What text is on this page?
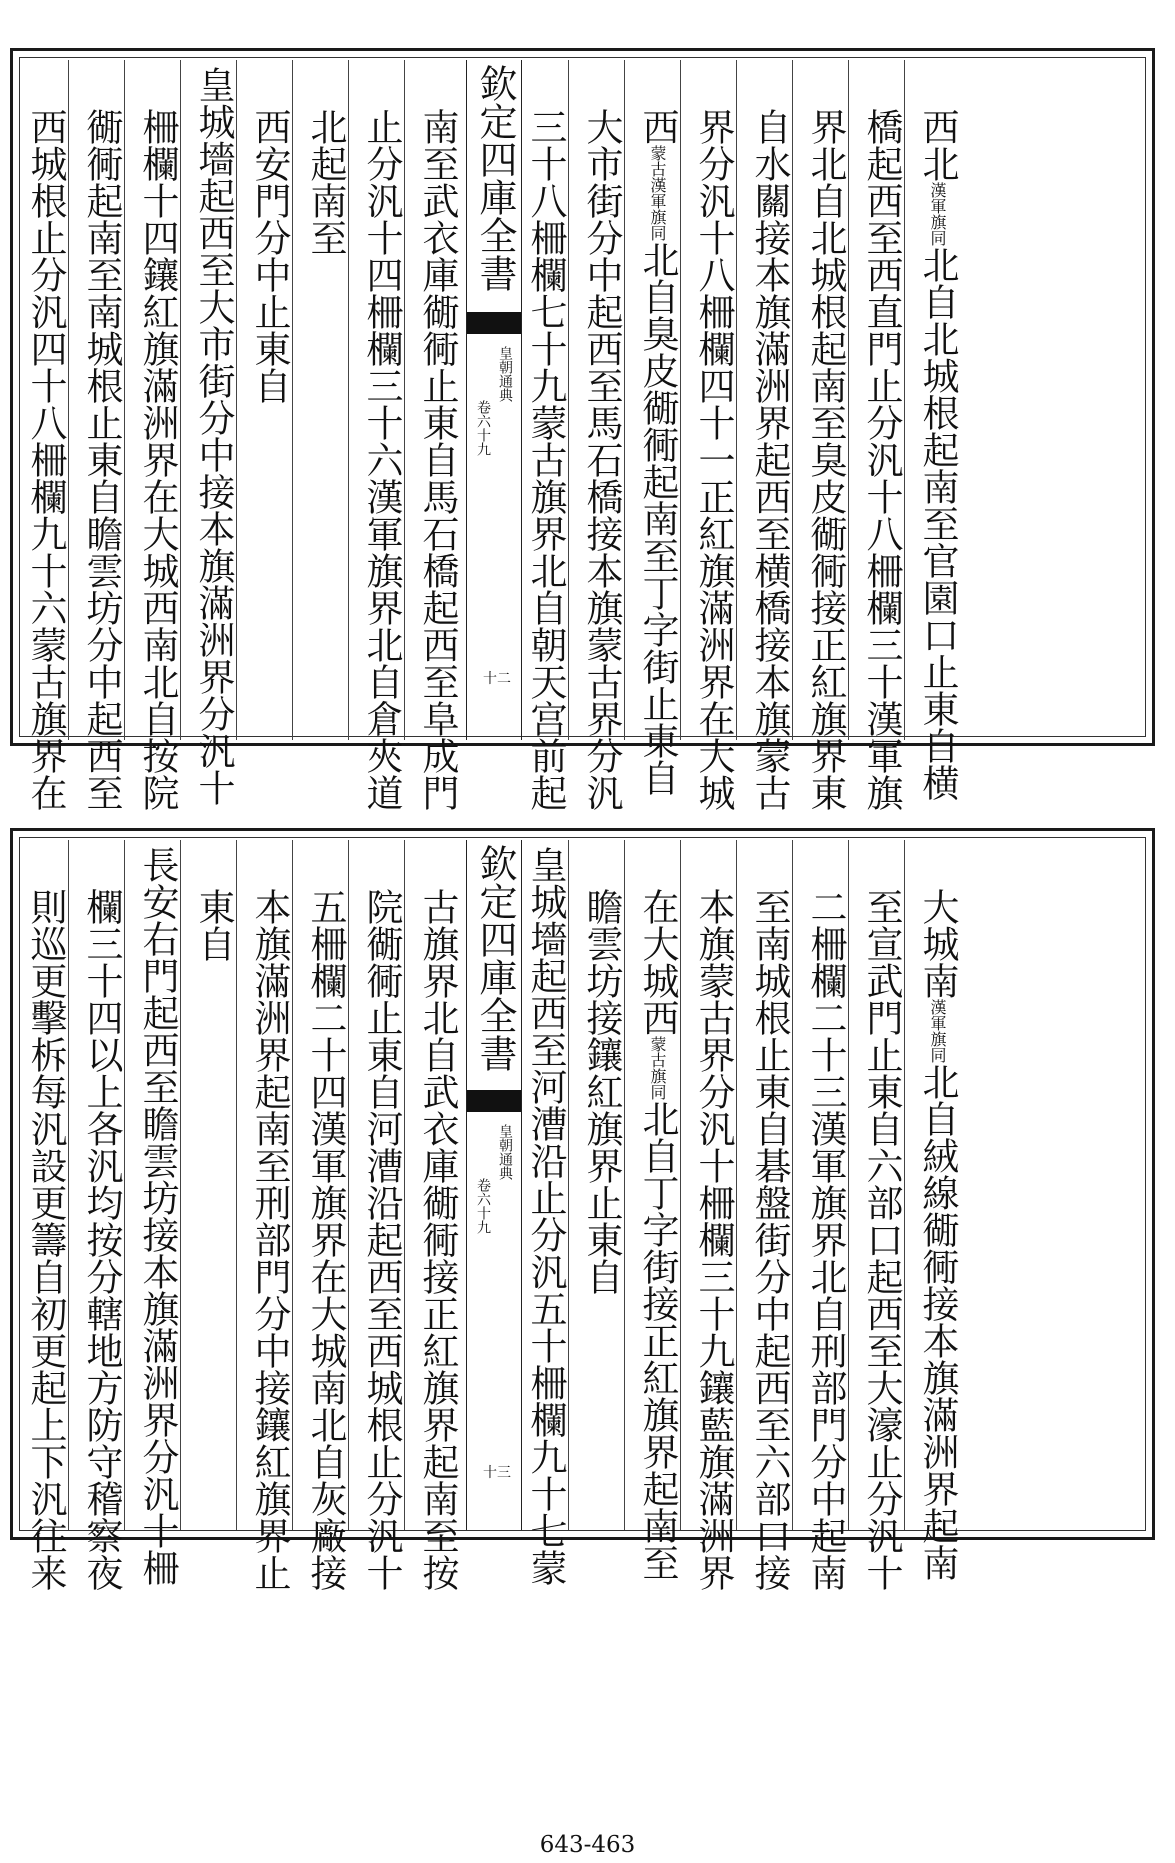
西北漢軍旗同北自北城根起南至官園口止東自横
橋起西至西直門止分汎十八柵欄三十漢軍旗
界北自北城根起南至臭皮衚衕接正紅旗界東
自水關接本旗滿洲界起西至横橋接本旗蒙古
界分汎十八柵欄四十一正紅旗滿洲界在大城
西蒙古漢軍旗同北自臭皮衚衕起南至丁字街止東自
大市街分中起西至馬石橋接本旗蒙古界分汎
三十八柵欄七十九蒙古旗界北自朝天宫前起
南至武衣庫衚衕止東自馬石橋起西至阜成門
止分汎十四柵欄三十六漢軍旗界北自倉夾道
北起南至
西安門分中止東自
皇城墻起西至大市街分中接本旗滿洲界分汎十
柵欄十四鑲紅旗滿洲界在大城西南北自按院
衚衕起南至南城根止東自瞻雲坊分中起西至
西城根止分汎四十八柵欄九十六蒙古旗界在	欽定四庫全書
皇朝通典
卷六十九
十二
大城南漢軍旗同北自絨線衚衕接本旗滿洲界起南
至宣武門止東自六部口起西至大濠止分汎十
二柵欄二十三漢軍旗界北自刑部門分中起南
至南城根止東自碁盤街分中起西至六部口接
本旗蒙古界分汎十柵欄三十九鑲藍旗滿洲界
在大城西蒙古旗同北自丁字街接正紅旗界起南至
瞻雲坊接鑲紅旗界止東自
皇城墻起西至河漕沿止分汎五十柵欄九十七蒙
古旗界北自武衣庫衚衕接正紅旗界起南至按
院衚衕止東自河漕沿起西至西城根止分汎十
五柵欄二十四漢軍旗界在大城南北自灰廠接
本旗滿洲界起南至刑部門分中接鑲紅旗界止
東自
長安右門起西至瞻雲坊接本旗滿洲界分汎十柵
欄三十四以上各汎均按分轄地方防守稽察夜
則巡更擊柝每汎設更籌自初更起上下汎往来	欽定四庫全書
皇朝通典
卷六十九
十三
643-463
